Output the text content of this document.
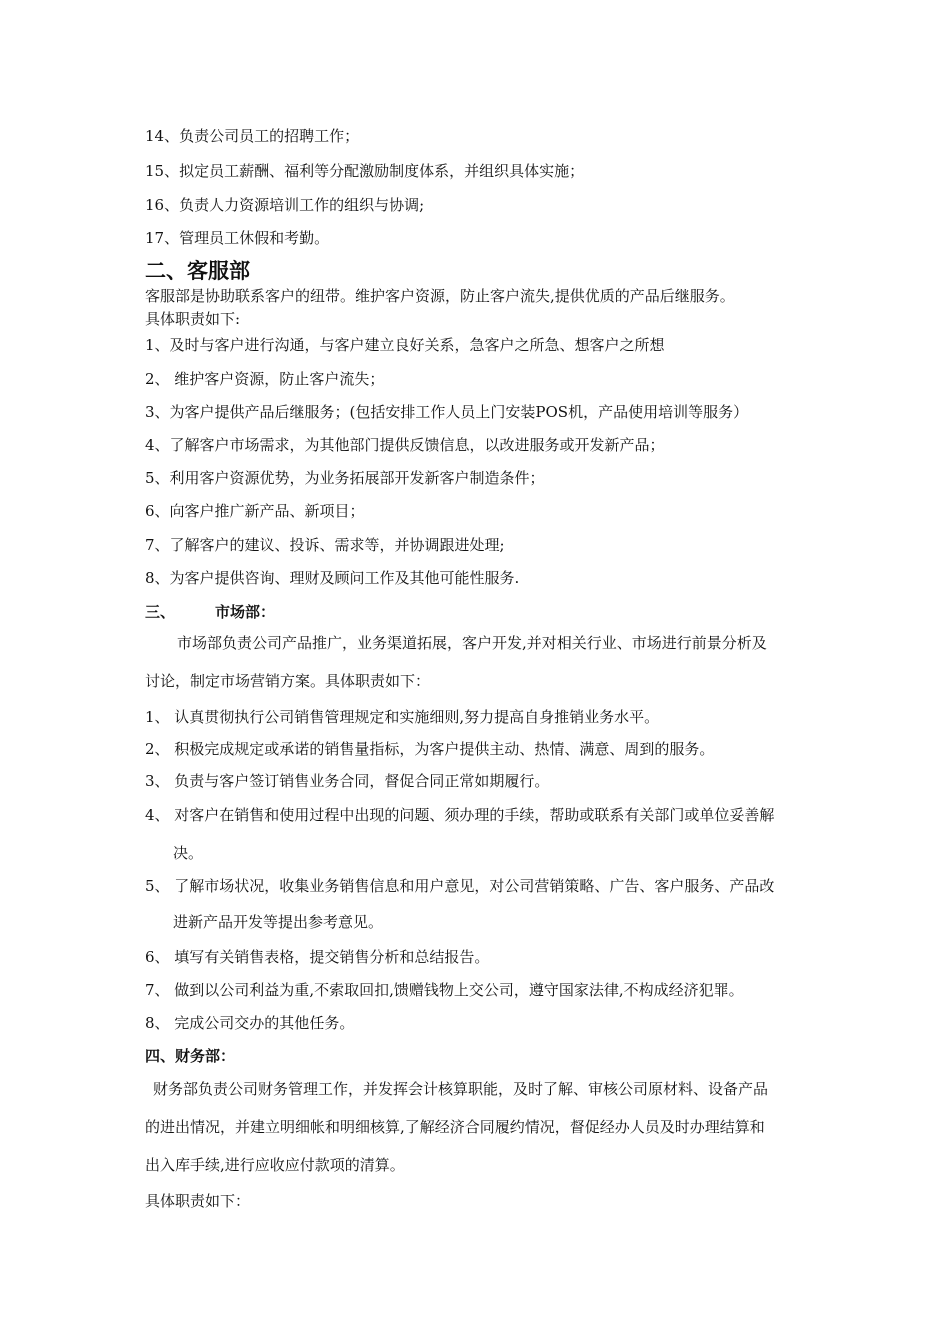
14、负责公司员工的招聘工作；
15、拟定员工薪酬、福利等分配激励制度体系，并组织具体实施；
16、负责人力资源培训工作的组织与协调;
17、管理员工休假和考勤。
二、客服部
客服部是协助联系客户的纽带。维护客户资源，防止客户流失,提供优质的产品后继服务。
具体职责如下:
1、及时与客户进行沟通，与客户建立良好关系，急客户之所急、想客户之所想
2、 维护客户资源，防止客户流失；
3、为客户提供产品后继服务；(包括安排工作人员上门安装POS机，产品使用培训等服务）
4、了解客户市场需求，为其他部门提供反馈信息，以改进服务或开发新产品；
5、利用客户资源优势，为业务拓展部开发新客户制造条件；
6、向客户推广新产品、新项目；
7、了解客户的建议、投诉、需求等，并协调跟进处理;
8、为客户提供咨询、理财及顾问工作及其他可能性服务.
三、	市场部：
市场部负责公司产品推广，业务渠道拓展，客户开发,并对相关行业、市场进行前景分析及
讨论，制定市场营销方案。具体职责如下：
1、 认真贯彻执行公司销售管理规定和实施细则,努力提高自身推销业务水平。
2、 积极完成规定或承诺的销售量指标，为客户提供主动、热情、满意、周到的服务。
3、 负责与客户签订销售业务合同，督促合同正常如期履行。
4、 对客户在销售和使用过程中出现的问题、须办理的手续，帮助或联系有关部门或单位妥善解
决。
5、 了解市场状况，收集业务销售信息和用户意见，对公司营销策略、广告、客户服务、产品改
进新产品开发等提出参考意见。
6、 填写有关销售表格，提交销售分析和总结报告。
7、 做到以公司利益为重,不索取回扣,馈赠钱物上交公司，遵守国家法律,不构成经济犯罪。
8、 完成公司交办的其他任务。
四、财务部：
财务部负责公司财务管理工作，并发挥会计核算职能，及时了解、审核公司原材料、设备产品
的进出情况，并建立明细帐和明细核算,了解经济合同履约情况，督促经办人员及时办理结算和
出入库手续,进行应收应付款项的清算。
具体职责如下：
